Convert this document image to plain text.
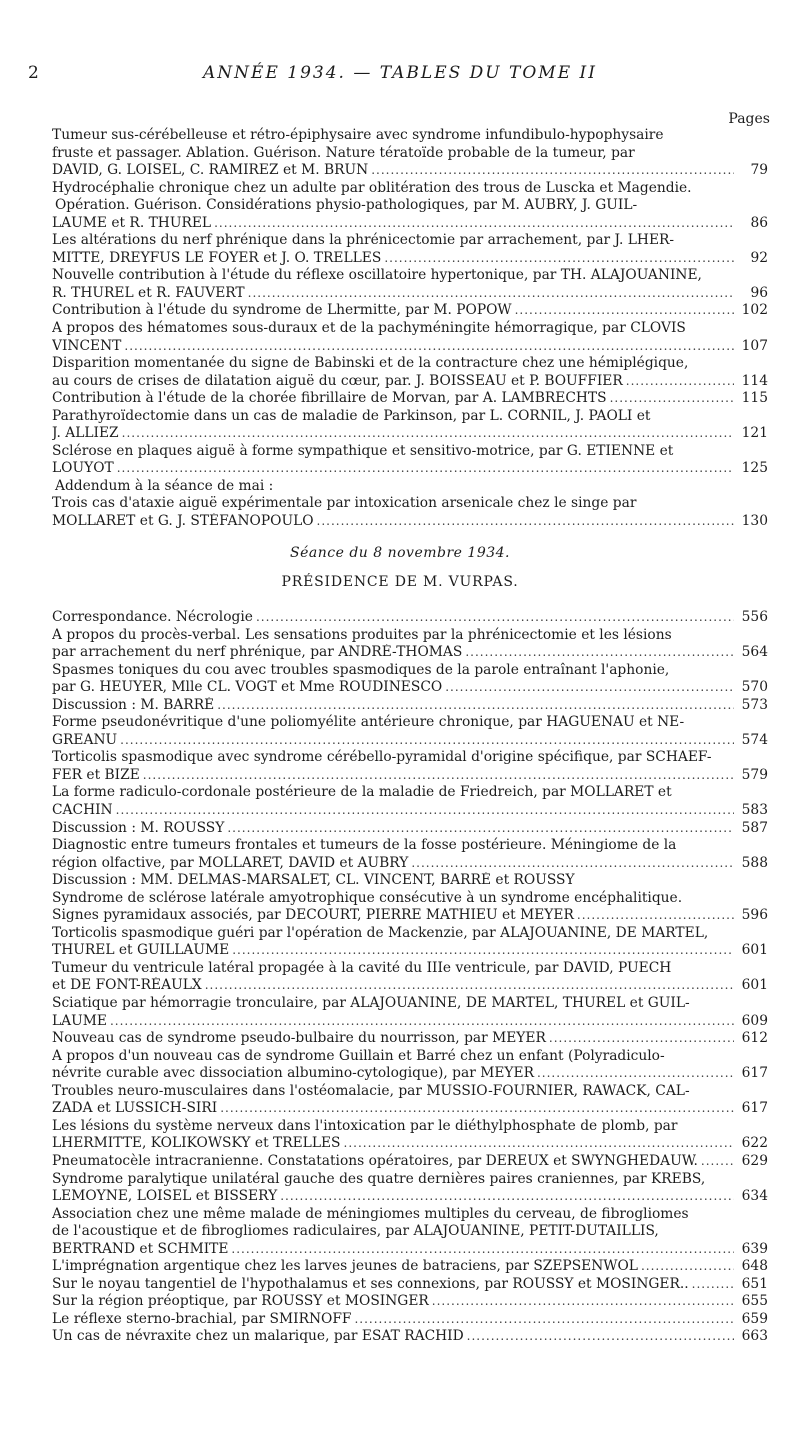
2	ANNÉE 1934. — TABLES DU TOME II
Pages
Tumeur sus-cérébelleuse et rétro-épiphysaire avec syndrome infundibulo-hypophysaire
fruste et passager. Ablation. Guérison. Nature tératoïde probable de la tumeur, par
DAVID, G. LOISEL, C. RAMIREZ et M. BRUN .....	79
Hydrocéphalie chronique chez un adulte par oblitération des trous de Luscka et Magendie.
Opération. Guérison. Considérations physio-pathologiques, par M. AUBRY, J. GUIL-
LAUME et R. THUREL .....	86
Les altérations du nerf phrénique dans la phrénicectomie par arrachement, par J. LHER-
MITTE, DREYFUS LE FOYER et J. O. TRELLES .....	92
Nouvelle contribution à l'étude du réflexe oscillatoire hypertonique, par TH. ALAJOUANINE,
R. THUREL et R. FAUVERT .....	96
Contribution à l'étude du syndrome de Lhermitte, par M. POPOW .....	102
A propos des hématomes sous-duraux et de la pachyméningite hémorragique, par CLOVIS
VINCENT .....	107
Disparition momentanée du signe de Babinski et de la contracture chez une hémiplégique,
au cours de crises de dilatation aiguë du cœur, par. J. BOISSEAU et P. BOUFFIER .....	114
Contribution à l'étude de la chorée fibrillaire de Morvan, par A. LAMBRECHTS .....	115
Parathyroïdectomie dans un cas de maladie de Parkinson, par L. CORNIL, J. PAOLI et
J. ALLIEZ .....	121
Sclérose en plaques aiguë à forme sympathique et sensitivo-motrice, par G. ETIENNE et
LOUYOT .....	125
Addendum à la séance de mai :
Trois cas d'ataxie aiguë expérimentale par intoxication arsenicale chez le singe par
MOLLARET et G. J. STÉFANOPOULO .....	130
Séance du 8 novembre 1934.
PRÉSIDENCE DE M. VURPAS.
Correspondance. Nécrologie .....	556
A propos du procès-verbal. Les sensations produites par la phrénicectomie et les lésions
par arrachement du nerf phrénique, par ANDRÉ-THOMAS .....	564
Spasmes toniques du cou avec troubles spasmodiques de la parole entraînant l'aphonie,
par G. HEUYER, Mlle CL. VOGT et Mme ROUDINESCO .....	570
Discussion : M. BARRÉ .....	573
Forme pseudonévritique d'une poliomyélite antérieure chronique, par HAGUENAU et NE-
GREANU .....	574
Torticolis spasmodique avec syndrome cérébello-pyramidal d'origine spécifique, par SCHAEF-
FER et BIZE .....	579
La forme radiculo-cordonale postérieure de la maladie de Friedreich, par MOLLARET et
CACHIN .....	583
Discussion : M. ROUSSY .....	587
Diagnostic entre tumeurs frontales et tumeurs de la fosse postérieure. Méningiome de la
région olfactive, par MOLLARET, DAVID et AUBRY .....	588
Discussion : MM. DELMAS-MARSALET, CL. VINCENT, BARRÉ et ROUSSY
Syndrome de sclérose latérale amyotrophique consécutive à un syndrome encéphalitique.
Signes pyramidaux associés, par DECOURT, PIERRE MATHIEU et MEYER .....	596
Torticolis spasmodique guéri par l'opération de Mackenzie, par ALAJOUANINE, DE MARTEL,
THUREL et GUILLAUME .....	601
Tumeur du ventricule latéral propagée à la cavité du IIIe ventricule, par DAVID, PUECH
et DE FONT-RÉAULX .....	601
Sciatique par hémorragie tronculaire, par ALAJOUANINE, DE MARTEL, THUREL et GUIL-
LAUME .....	609
Nouveau cas de syndrome pseudo-bulbaire du nourrisson, par MEYER .....	612
A propos d'un nouveau cas de syndrome Guillain et Barré chez un enfant (Polyradiculo-
névrite curable avec dissociation albumino-cytologique), par MEYER .....	617
Troubles neuro-musculaires dans l'ostéomalacie, par MUSSIO-FOURNIER, RAWACK, CAL-
ZADA et LUSSICH-SIRI .....	617
Les lésions du système nerveux dans l'intoxication par le diéthylphosphate de plomb, par
LHERMITTE, KOLIKOWSKY et TRELLES .....	622
Pneumatocèle intracranienne. Constatations opératoires, par DEREUX et SWYNGHEDAUW. .....	629
Syndrome paralytique unilatéral gauche des quatre dernières paires craniennes, par KREBS,
LEMOYNE, LOISEL et BISSERY .....	634
Association chez une même malade de méningiomes multiples du cerveau, de fibrogliomes
de l'acoustique et de fibrogliomes radiculaires, par ALAJOUANINE, PETIT-DUTAILLIS,
BERTRAND et SCHMITE .....	639
L'imprégnation argentique chez les larves jeunes de batraciens, par SZEPSENWOL .....	648
Sur le noyau tangentiel de l'hypothalamus et ses connexions, par ROUSSY et MOSINGER.. .....	651
Sur la région préoptique, par ROUSSY et MOSINGER .....	655
Le réflexe sterno-brachial, par SMIRNOFF .....	659
Un cas de névraxite chez un malarique, par ESAT RACHID .....	663
